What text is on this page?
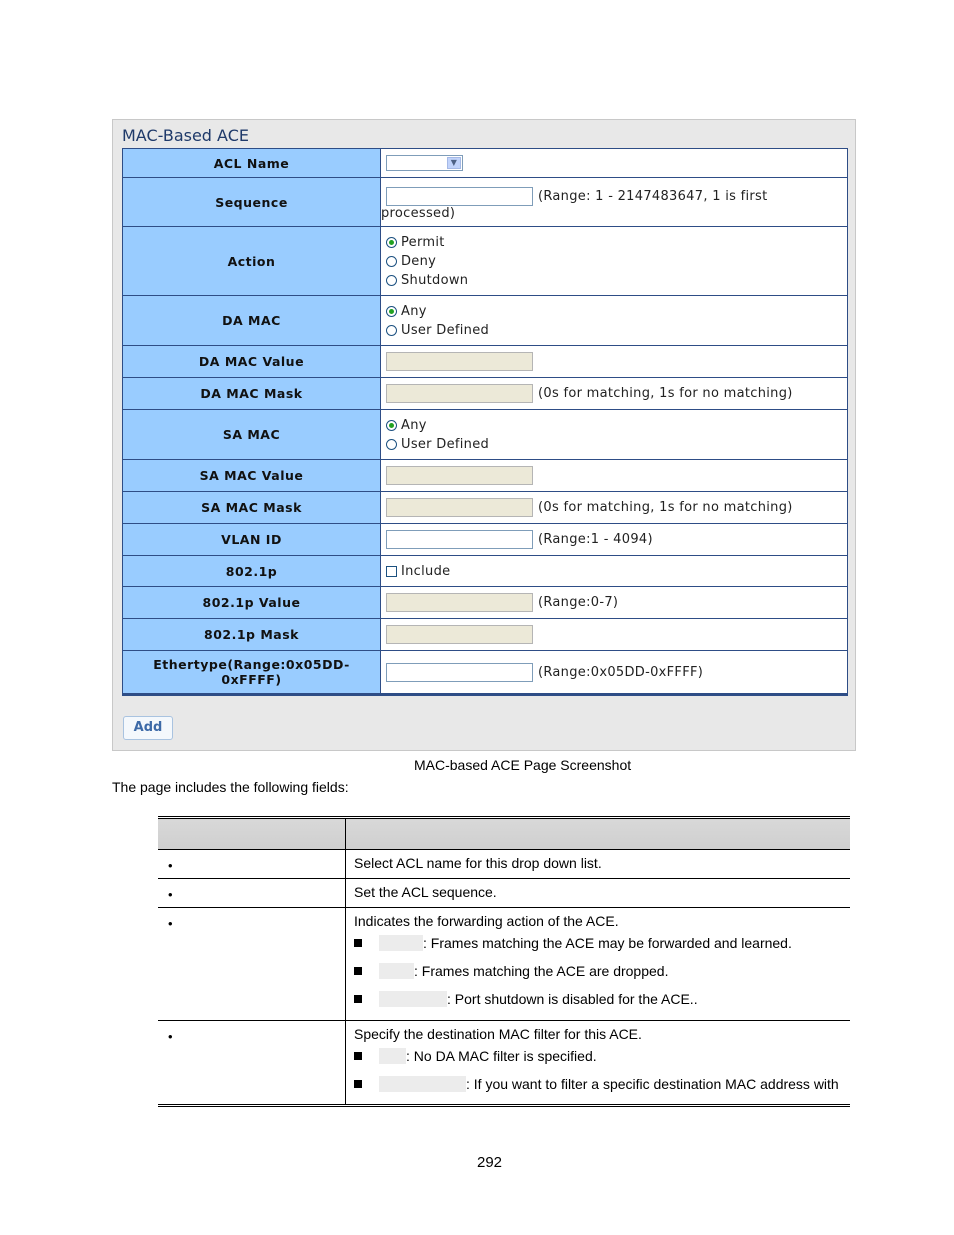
MAC-Based ACE
ACL Name	▼

Sequence	(Range: 1 - 2147483647, 1 is first
processed)

Action	Permit
Deny
Shutdown

DA MAC	Any
User Defined

DA MAC Value	
DA MAC Mask	(0s for matching, 1s for no matching)
SA MAC	Any
User Defined

SA MAC Value	
SA MAC Mask	(0s for matching, 1s for no matching)
VLAN ID	(Range:1 - 4094)
802.1p	Include

802.1p Value	(Range:0-7)
802.1p Mask	

Ethertype(Range:0x05DD-
0xFFFF)	(Range:0x05DD-0xFFFF)
Add
MAC-based ACE Page Screenshot
The page includes the following fields:

•	Select ACL name for this drop down list.

•	Set the ACL sequence.

•	Indicates the forwarding action of the ACE.

: Frames matching the ACE may be forwarded and learned.
: Frames matching the ACE are dropped.
: Port shutdown is disabled for the ACE..

•	Specify the destination MAC filter for this ACE.

: No DA MAC filter is specified.
: If you want to filter a specific destination MAC address with
292
